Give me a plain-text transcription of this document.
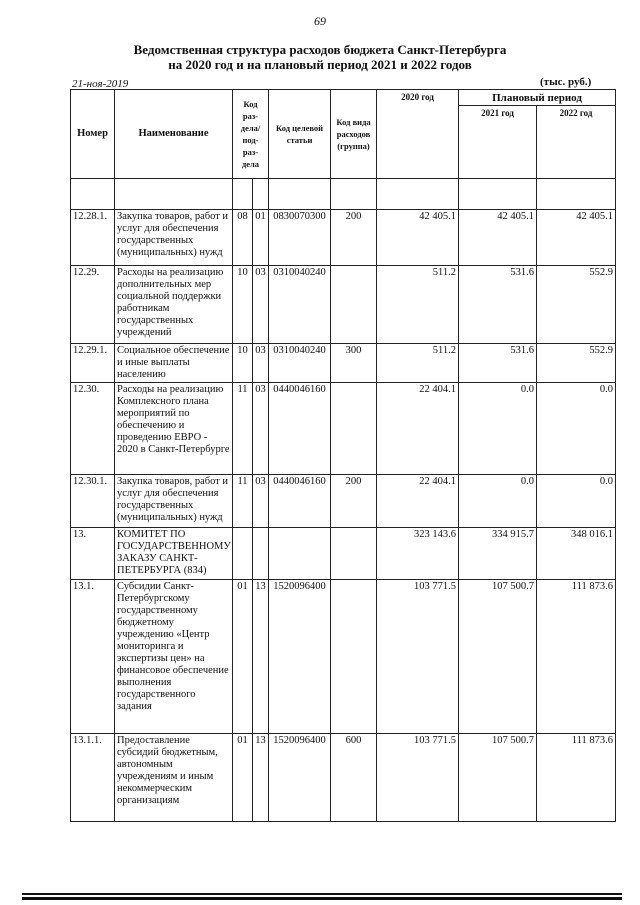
69
Ведомственная структура расходов бюджета Санкт-Петербурга
на 2020 год и на плановый период 2021 и 2022 годов
21-ноя-2019	(тыс. руб.)
Номер	Наименование	Код раз- дела/ под- раз- дела		Код целевой статьи	Код вида расходов (группа)	2020 год	Плановый период	
							2021 год	2022 год

12.28.1.	Закупка товаров, работ и услуг для обеспечения государственных (муниципальных) нужд	08	01	0830070300	200	42 405.1	42 405.1	42 405.1
12.29.	Расходы на реализацию дополнительных мер социальной поддержки работникам государственных учреждений	10	03	0310040240		511.2	531.6	552.9
12.29.1.	Социальное обеспечение и иные выплаты населению	10	03	0310040240	300	511.2	531.6	552.9
12.30.	Расходы на реализацию Комплексного плана мероприятий по обеспечению и проведению ЕВРО - 2020 в Санкт-Петербурге	11	03	0440046160		22 404.1	0.0	0.0
12.30.1.	Закупка товаров, работ и услуг для обеспечения государственных (муниципальных) нужд	11	03	0440046160	200	22 404.1	0.0	0.0
13.	КОМИТЕТ ПО ГОСУДАРСТВЕННОМУ ЗАКАЗУ САНКТ-ПЕТЕРБУРГА (834)					323 143.6	334 915.7	348 016.1
13.1.	Субсидии Санкт-Петербургскому государственному бюджетному учреждению «Центр мониторинга и экспертизы цен» на финансовое обеспечение выполнения государственного задания	01	13	1520096400		103 771.5	107 500.7	111 873.6
13.1.1.	Предоставление субсидий бюджетным, автономным учреждениям и иным некоммерческим организациям	01	13	1520096400	600	103 771.5	107 500.7	111 873.6
